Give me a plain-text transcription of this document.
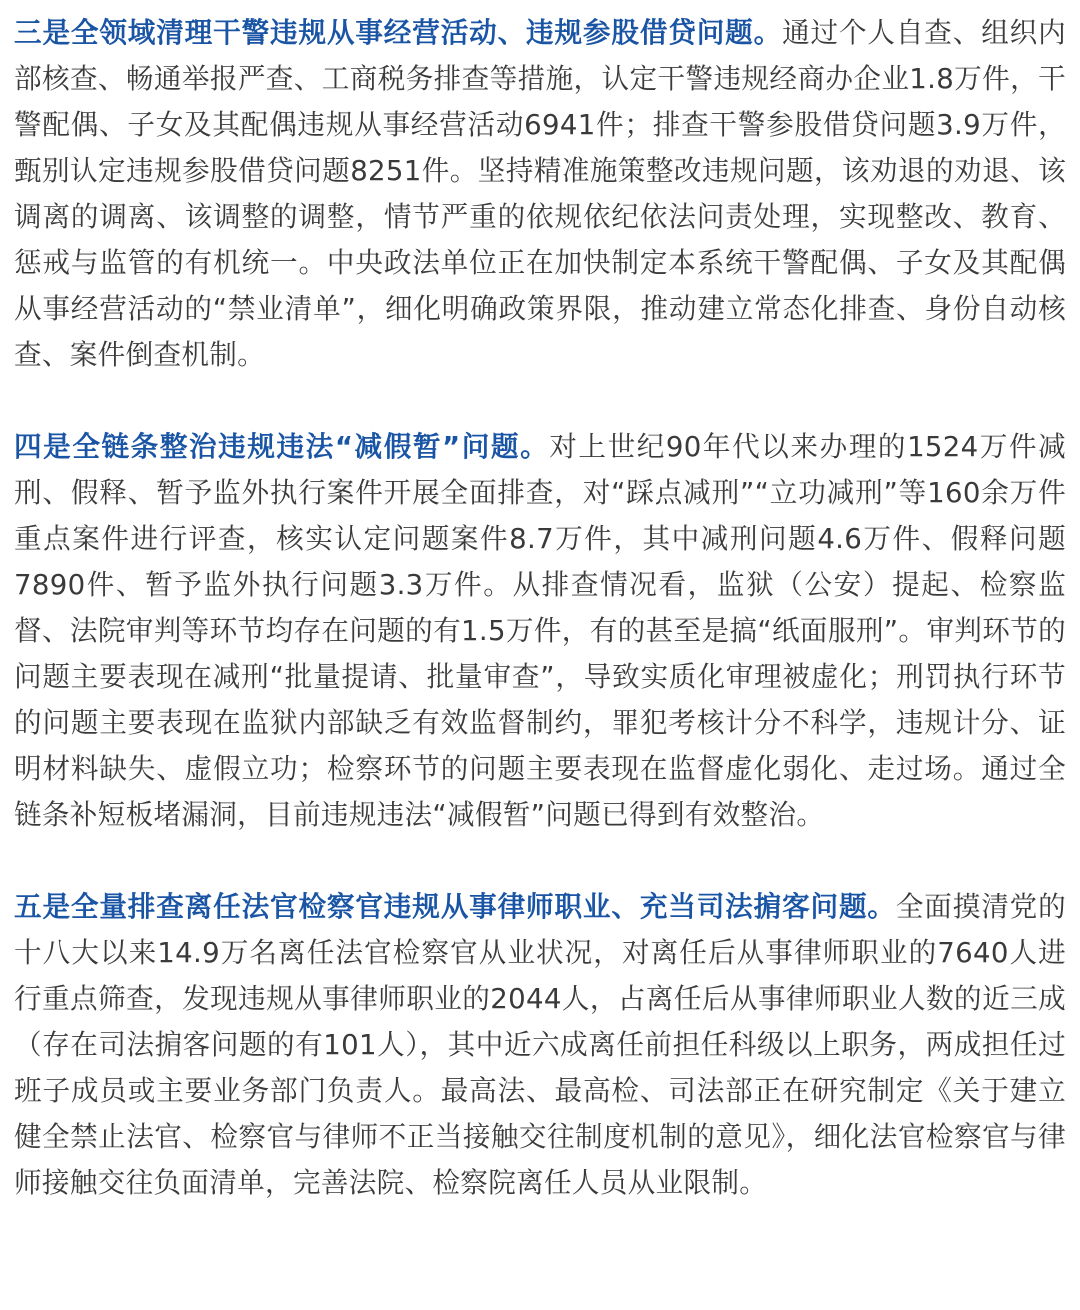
三是全领域清理干警违规从事经营活动、违规参股借贷问题。通过个人自查、组织内部核查、畅通举报严查、工商税务排查等措施，认定干警违规经商办企业1.8万件，干警配偶、子女及其配偶违规从事经营活动6941件；排查干警参股借贷问题3.9万件，甄别认定违规参股借贷问题8251件。坚持精准施策整改违规问题，该劝退的劝退、该调离的调离、该调整的调整，情节严重的依规依纪依法问责处理，实现整改、教育、惩戒与监管的有机统一。中央政法单位正在加快制定本系统干警配偶、子女及其配偶从事经营活动的“禁业清单”，细化明确政策界限，推动建立常态化排查、身份自动核查、案件倒查机制。

四是全链条整治违规违法“减假暂”问题。对上世纪90年代以来办理的1524万件减刑、假释、暂予监外执行案件开展全面排查，对“踩点减刑”“立功减刑”等160余万件重点案件进行评查，核实认定问题案件8.7万件，其中减刑问题4.6万件、假释问题7890件、暂予监外执行问题3.3万件。从排查情况看，监狱（公安）提起、检察监督、法院审判等环节均存在问题的有1.5万件，有的甚至是搞“纸面服刑”。审判环节的问题主要表现在减刑“批量提请、批量审查”，导致实质化审理被虚化；刑罚执行环节的问题主要表现在监狱内部缺乏有效监督制约，罪犯考核计分不科学，违规计分、证明材料缺失、虚假立功；检察环节的问题主要表现在监督虚化弱化、走过场。通过全链条补短板堵漏洞，目前违规违法“减假暂”问题已得到有效整治。

五是全量排查离任法官检察官违规从事律师职业、充当司法掮客问题。全面摸清党的十八大以来14.9万名离任法官检察官从业状况，对离任后从事律师职业的7640人进行重点筛查，发现违规从事律师职业的2044人，占离任后从事律师职业人数的近三成（存在司法掮客问题的有101人），其中近六成离任前担任科级以上职务，两成担任过班子成员或主要业务部门负责人。最高法、最高检、司法部正在研究制定《关于建立健全禁止法官、检察官与律师不正当接触交往制度机制的意见》，细化法官检察官与律师接触交往负面清单，完善法院、检察院离任人员从业限制。
